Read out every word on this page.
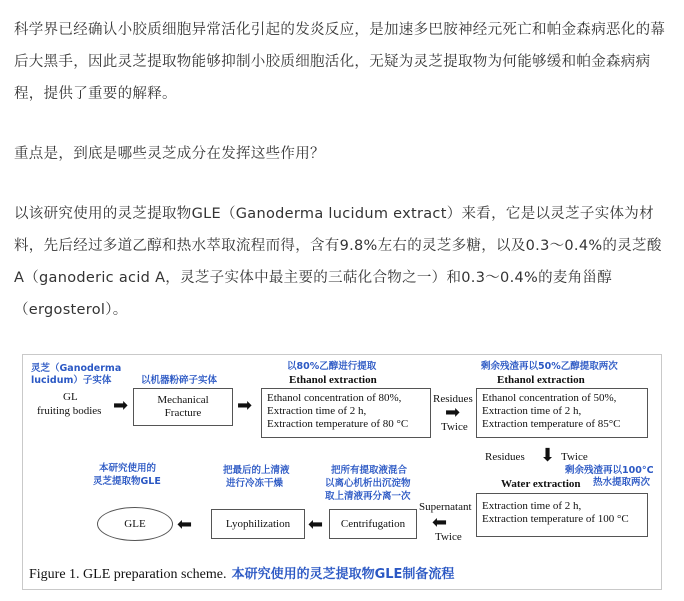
科学界已经确认小胶质细胞异常活化引起的发炎反应，是加速多巴胺神经元死亡和帕金森病恶化的幕后大黑手，因此灵芝提取物能够抑制小胶质细胞活化，无疑为灵芝提取物为何能够缓和帕金森病病程，提供了重要的解释。

重点是，到底是哪些灵芝成分在发挥这些作用？

以该研究使用的灵芝提取物GLE（Ganoderma lucidum extract）来看，它是以灵芝子实体为材料，先后经过多道乙醇和热水萃取流程而得，含有9.8%左右的灵芝多糖，以及0.3～0.4%的灵芝酸A（ganoderic acid A，灵芝子实体中最主要的三萜化合物之一）和0.3～0.4%的麦角甾醇（ergosterol）。

灵芝（Ganoderma
lucidum）子实体
GL
fruiting bodies ➡
以机器粉碎子实体
Mechanical
Fracture	➡
以80%乙醇进行提取
Ethanol extraction
Ethanol concentration of 80%,
Extraction time of 2 h,
Extraction temperature of 80 °C
Residues
➡
Twice
剩余残渣再以50%乙醇提取两次
Ethanol extraction
Ethanol concentration of 50%,
Extraction time of 2 h,
Extraction temperature of 85°C
Residues ⬇ Twice
剩余残渣再以100°C
Water extraction 热水提取两次
本研究使用的
灵芝提取物GLE
GLE	⬅
把最后的上清液
进行冷冻干燥
Lyophilization ⬅
把所有提取液混合
以离心机析出沉淀物
取上清液再分离一次
Centrifugation
Supernatant
⬅
Twice
Extraction time of 2 h,
Extraction temperature of 100 °C
Figure 1. GLE preparation scheme. 本研究使用的灵芝提取物GLE制备流程
